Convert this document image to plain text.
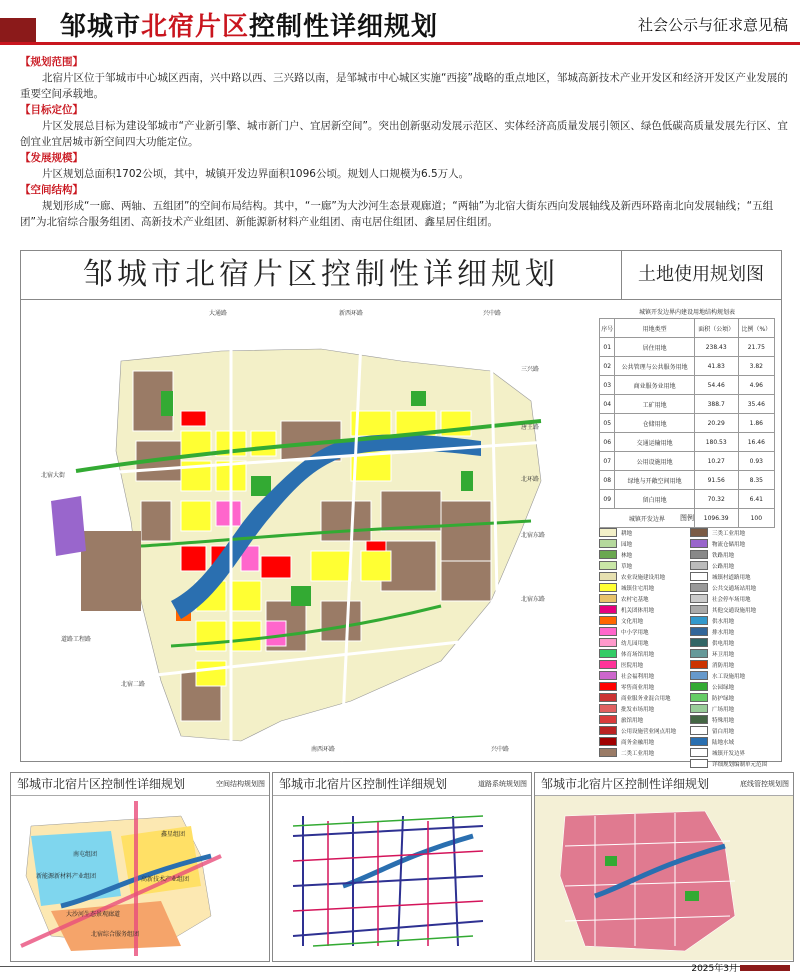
邹城市北宿片区控制性详细规划	社会公示与征求意见稿
【 规划范围 】
北宿片区位于邹城市中心城区西南，兴中路以西、三兴路以南，是邹城市中心城区实施“西接”战略的重点地区，邹城高新技术产业开发区和经济开发区产业发展的重要空间承载地。
【 目标定位 】
片区发展总目标为建设邹城市“产业新引擎、城市新门户、宜居新空间”。突出创新驱动发展示范区、实体经济高质量发展引领区、绿色低碳高质量发展先行区、宜创宜业宜居城市新空间四大功能定位。
【 发展规模 】
片区规划总面积1702公顷，其中，城镇开发边界面积1096公顷。规划人口规模为6.5万人。
【 空间结构 】
规划形成“一廊、两轴、五组团”的空间布局结构。其中，“一廊”为大沙河生态景观廊道；“两轴”为北宿大街东西向发展轴线及新西环路南北向发展轴线；“五组团”为北宿综合服务组团、高新技术产业组团、新能源新材料产业组团、南屯居住组团、鑫星居住组团。
邹城市北宿片区控制性详细规划	土地使用规划图
大通路	新西环路	兴中路
三兴路
唐王路
北宿大街
北环路
北宿东路
北宿东路
北宿二路
南西环路	兴中路
道路工程路
城镇开发边界内建设用地结构规划表
序号	用地类型	面积（公顷）	比例（%）
01	居住用地	238.43	21.75
02	公共管理与公共服务用地	41.83	3.82
03	商业服务业用地	54.46	4.96
04	工矿用地	388.7	35.46
05	仓储用地	20.29	1.86
06	交通运输用地	180.53	16.46
07	公用设施用地	10.27	0.93
08	绿地与开敞空间用地	91.56	8.35
09	留白用地	70.32	6.41
城镇开发边界		1096.39	100
图例
耕地
园地
林地
草地
农业设施建设用地
城镇住宅用地
农村宅基地
机关团体用地
文化用地
中小学用地
幼儿园用地
体育场馆用地
医院用地
社会福利用地
零售商业用地
商业服务业混合用地
批发市场用地
旅馆用地
公用设施营业网点用地
商务金融用地
二类工业用地
三类工业用地
物流仓储用地
铁路用地
公路用地
城镇村道路用地
公共交通场站用地
社会停车场用地
其他交通设施用地
供水用地
排水用地
供电用地
环卫用地
消防用地
水工设施用地
公园绿地
防护绿地
广场用地
特殊用地
留白用地
陆地水域
城镇开发边界
详细规划编制单元范围
邹城市北宿片区控制性详细规划	空间结构规划图
南屯组团
鑫星组团
新能源新材料产业组团	高新技术产业组团
北宿综合服务组团
大沙河生态景观廊道
邹城市北宿片区控制性详细规划	道路系统规划图	邹城市北宿片区控制性详细规划	底线管控规划图
2025年3月
